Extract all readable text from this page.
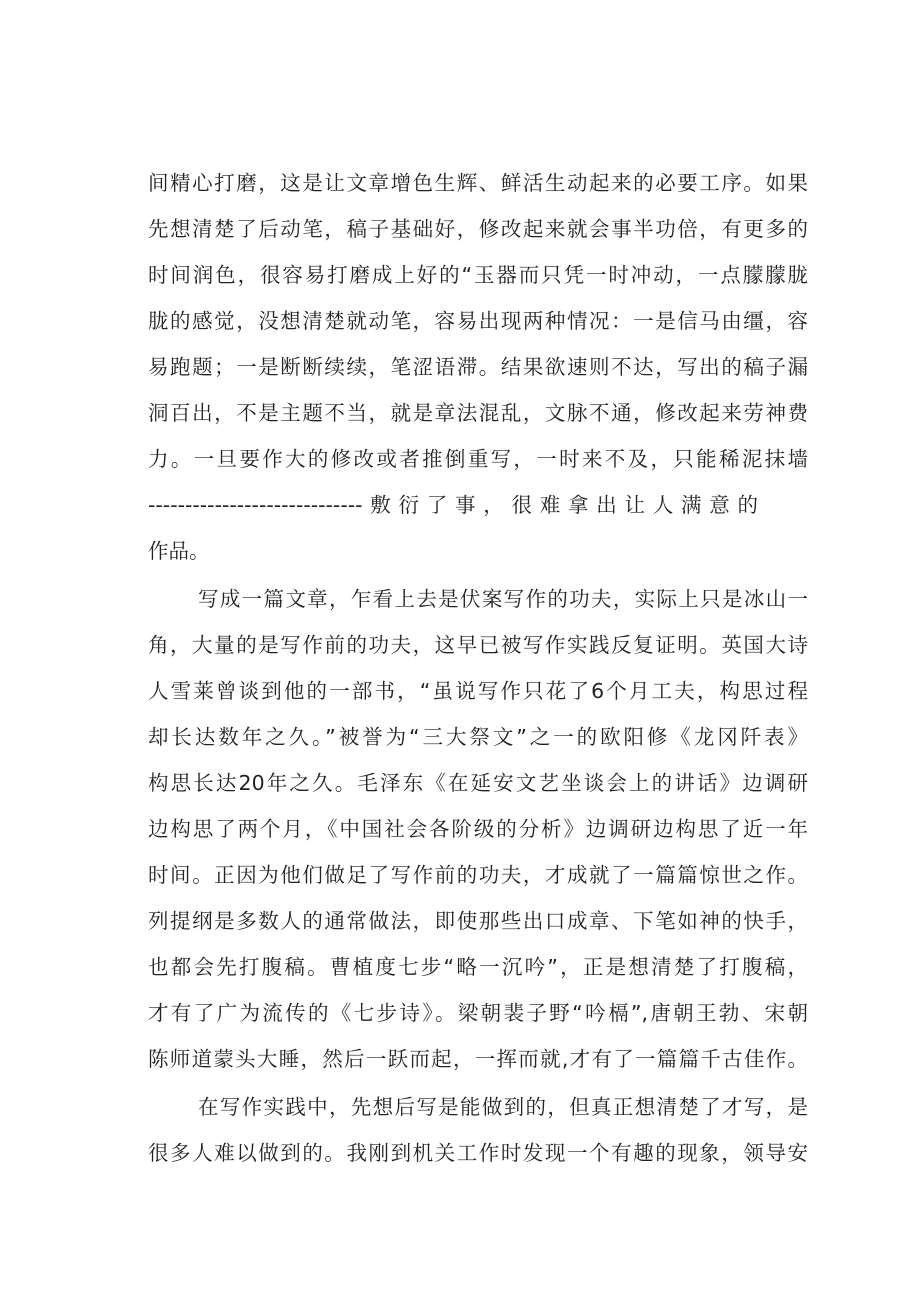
间精心打磨，这是让文章增色生辉、鲜活生动起来的必要工序。如果
先想清楚了后动笔，稿子基础好，修改起来就会事半功倍，有更多的
时间润色，很容易打磨成上好的“玉器而只凭一时冲动，一点朦朦胧
胧的感觉，没想清楚就动笔，容易出现两种情况：一是信马由缰，容
易跑题；一是断断续续，笔涩语滞。结果欲速则不达，写出的稿子漏
洞百出，不是主题不当，就是章法混乱，文脉不通，修改起来劳神费
力。一旦要作大的修改或者推倒重写，一时来不及，只能稀泥抹墙
-----------------------------敷衍了事，很难拿出让人满意的
作品。
写成一篇文章，乍看上去是伏案写作的功夫，实际上只是冰山一
角，大量的是写作前的功夫，这早已被写作实践反复证明。英国大诗
人雪莱曾谈到他的一部书，“虽说写作只花了6个月工夫，构思过程
却长达数年之久。”被誉为“三大祭文”之一的欧阳修《龙冈阡表》
构思长达20年之久。毛泽东《在延安文艺坐谈会上的讲话》边调研
边构思了两个月，《中国社会各阶级的分析》边调研边构思了近一年
时间。正因为他们做足了写作前的功夫，才成就了一篇篇惊世之作。
列提纲是多数人的通常做法，即使那些出口成章、下笔如神的快手，
也都会先打腹稿。曹植度七步“略一沉吟”，正是想清楚了打腹稿，
才有了广为流传的《七步诗》。梁朝裴子野“吟槅”,唐朝王勃、宋朝
陈师道蒙头大睡，然后一跃而起，一挥而就,才有了一篇篇千古佳作。
在写作实践中，先想后写是能做到的，但真正想清楚了才写，是
很多人难以做到的。我刚到机关工作时发现一个有趣的现象，领导安
